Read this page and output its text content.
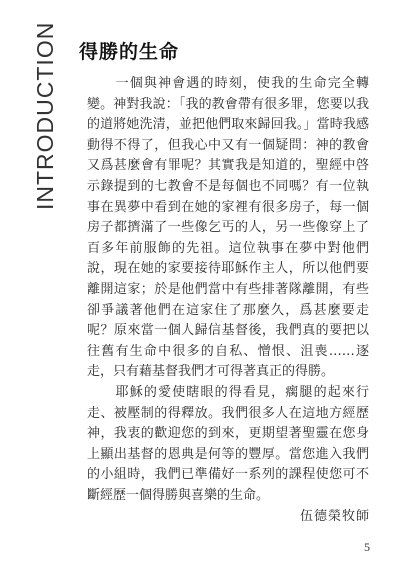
INTRODUCTION 得勝的生命

一個與神會遇的時刻，使我的生命完全轉變。神對我說：「我的教會帶有很多罪，您要以我的道將她洗清，並把他們取來歸回我。」當時我感動得不得了，但我心中又有一個疑問：神的教會又爲甚麼會有罪呢？其實我是知道的，聖經中啓示錄提到的七教會不是每個也不同嗎？有一位執事在異夢中看到在她的家裡有很多房子，每一個房子都擠滿了一些像乞丐的人，另一些像穿上了百多年前服飾的先祖。這位執事在夢中對他們說，現在她的家要接待耶穌作主人，所以他們要離開這家；於是他們當中有些排著隊離開，有些卻爭議著他們在這家住了那麼久，爲甚麼要走呢？原來當一個人歸信基督後，我們真的要把以往舊有生命中很多的自私、憎恨、沮喪……逐走，只有藉基督我們才可得著真正的得勝。

耶穌的愛使瞎眼的得看見，瘸腿的起來行走、被壓制的得釋放。我們很多人在這地方經歷神，我衷的歡迎您的到來，更期望著聖靈在您身上顯出基督的恩典是何等的豐厚。當您進入我們的小組時，我們已準備好一系列的課程使您可不斷經歷一個得勝與喜樂的生命。

伍德榮牧師
5
